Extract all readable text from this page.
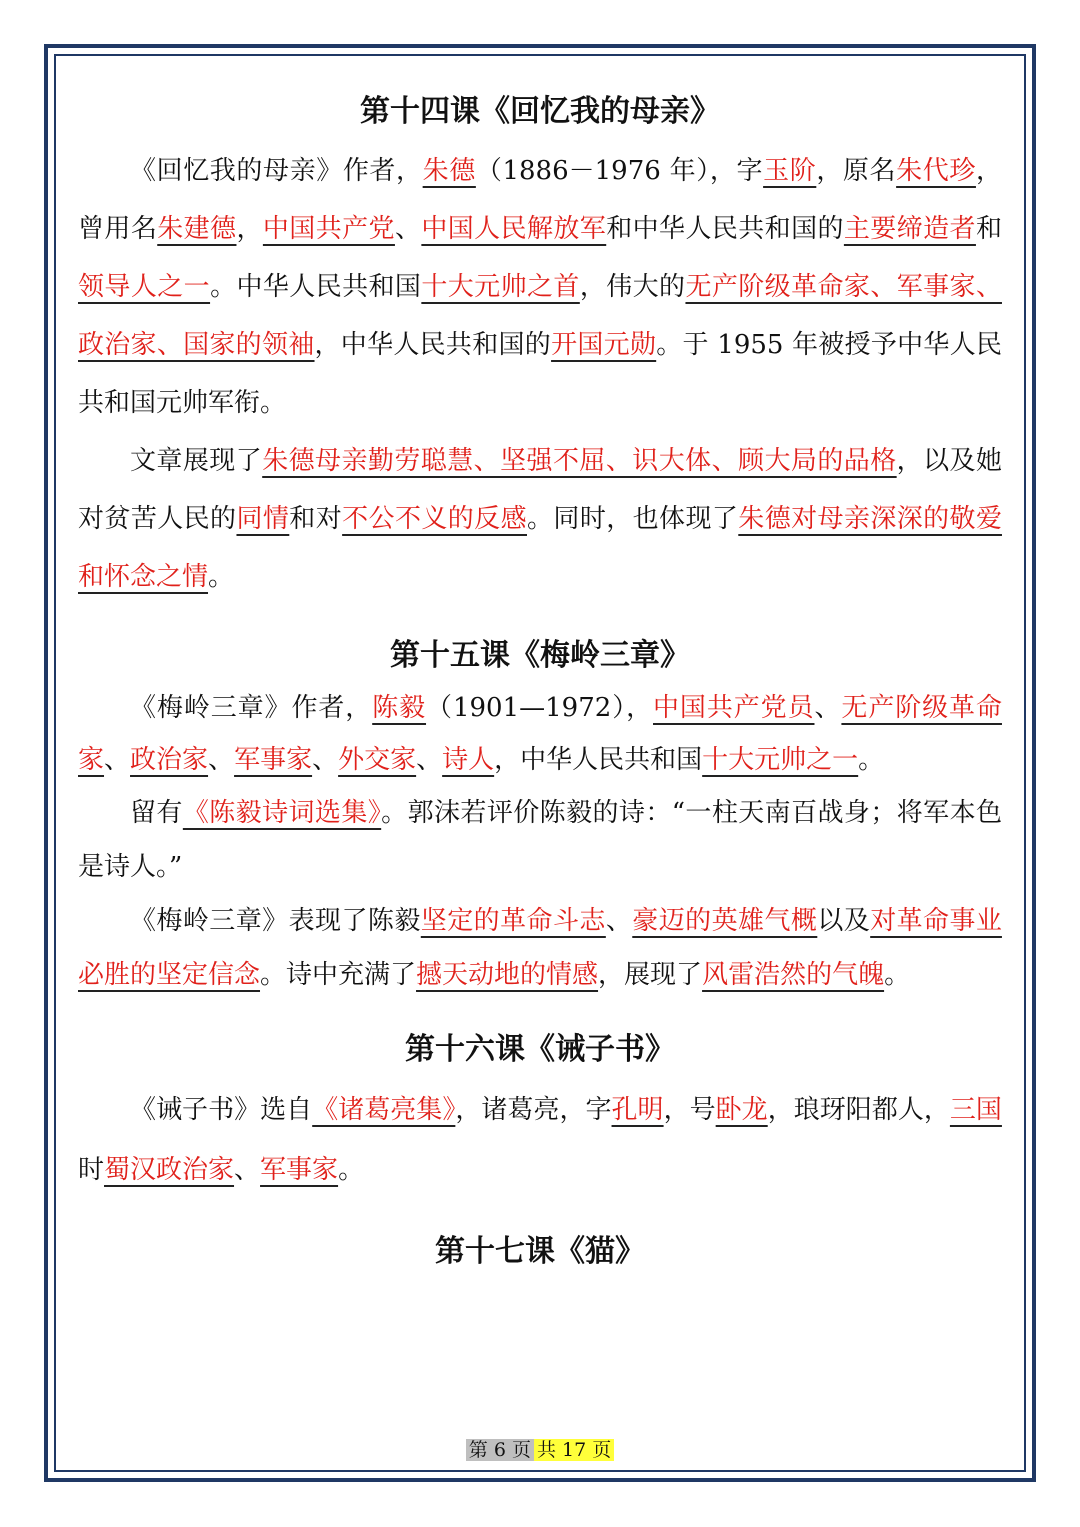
第十四课《回忆我的母亲》

《回忆我的母亲》作者，朱德（1886－1976 年），字玉阶，原名朱代珍，曾用名朱建德，中国共产党、中国人民解放军和中华人民共和国的主要缔造者和领导人之一。中华人民共和国十大元帅之首，伟大的无产阶级革命家、军事家、政治家、国家的领袖，中华人民共和国的开国元勋。于 1955 年被授予中华人民共和国元帅军衔。

文章展现了朱德母亲勤劳聪慧、坚强不屈、识大体、顾大局的品格，以及她对贫苦人民的同情和对不公不义的反感。同时，也体现了朱德对母亲深深的敬爱和怀念之情。

第十五课《梅岭三章》

《梅岭三章》作者，陈毅（1901—1972），中国共产党员、无产阶级革命家、政治家、军事家、外交家、诗人，中华人民共和国十大元帅之一。

留有《陈毅诗词选集》。郭沫若评价陈毅的诗：“一柱天南百战身；将军本色是诗人。”

《梅岭三章》表现了陈毅坚定的革命斗志、豪迈的英雄气概以及对革命事业必胜的坚定信念。诗中充满了撼天动地的情感，展现了风雷浩然的气魄。

第十六课《诫子书》

《诫子书》选自《诸葛亮集》，诸葛亮，字孔明，号卧龙，琅玡阳都人，三国时蜀汉政治家、军事家。

第十七课《猫》
第 6 页 共 17 页
